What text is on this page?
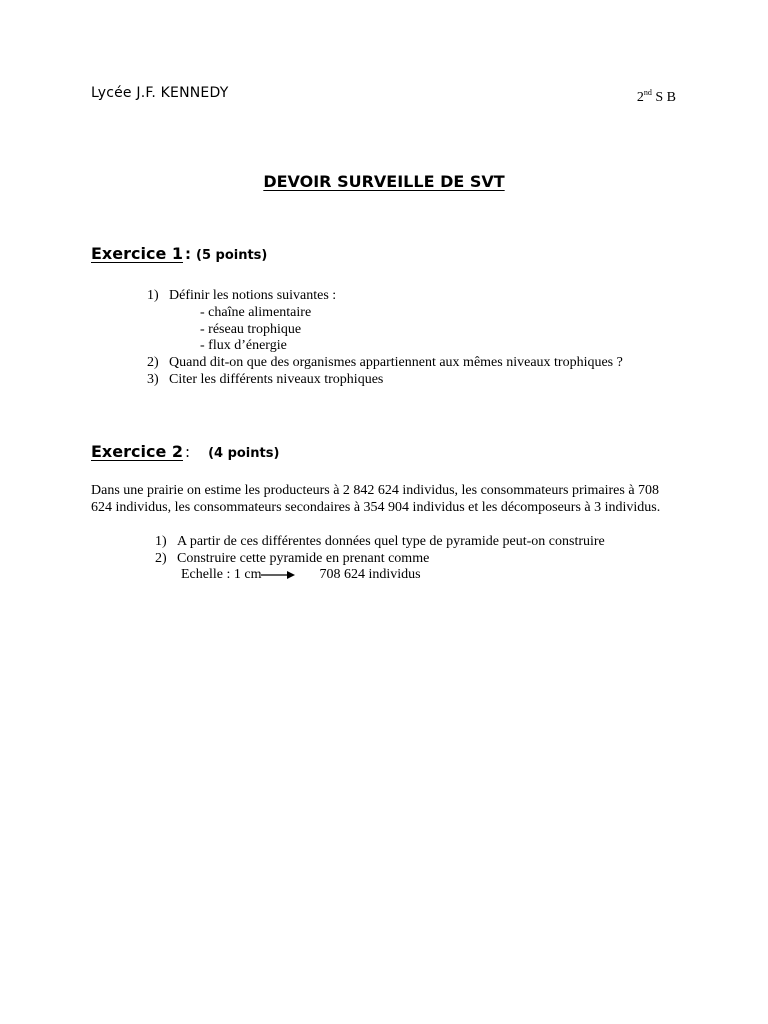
Lycée J.F. KENNEDY	2nd S B
DEVOIR SURVEILLE DE SVT
Exercice 1 : (5 points)
1) Définir les notions suivantes :
- chaîne alimentaire
- réseau trophique
- flux d’énergie
2) Quand dit-on que des organismes appartiennent aux mêmes niveaux trophiques ?
3) Citer les différents niveaux trophiques
Exercice 2 : (4 points)

Dans une prairie on estime les producteurs à 2 842 624 individus, les consommateurs primaires à 708 624 individus, les consommateurs secondaires à 354 904 individus et les décomposeurs à 3 individus.

1) A partir de ces différentes données quel type de pyramide peut-on construire
2) Construire cette pyramide en prenant comme
Echelle : 1 cm	708 624 individus
